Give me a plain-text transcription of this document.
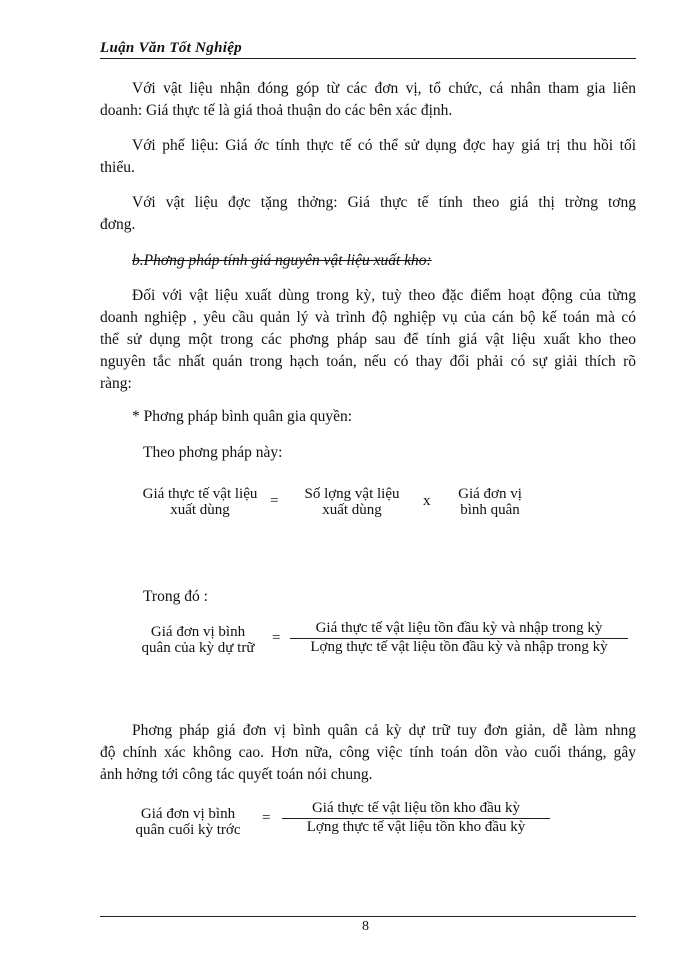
Luận Văn Tốt Nghiệp
Với vật liệu nhận đóng góp từ các đơn vị, tổ chức, cá nhân tham gia liên
doanh: Giá thực tế là giá thoả thuận do các bên xác định.
Với phế liệu: Giá ớc tính thực tế có thể sử dụng đợc hay giá trị thu hồi tối
thiểu.
Với vật liệu đợc tặng thởng: Giá thực tế tính theo giá thị trờng tơng
đơng.
b.Phơng pháp tính giá nguyên vật liệu xuất kho:
Đối với vật liệu xuất dùng trong kỳ, tuỳ theo đặc điểm hoạt động của từng
doanh nghiệp , yêu cầu quản lý và trình độ nghiệp vụ của cán bộ kế toán mà có
thể sử dụng một trong các phơng pháp sau để tính giá vật liệu xuất kho theo
nguyên tắc nhất quán trong hạch toán, nếu có thay đổi phải có sự giải thích rõ
ràng:
* Phơng pháp bình quân gia quyền:
Theo phơng pháp này:
Giá thực tế vật liệu
xuất dùng
=	Số lợng vật liệu
xuất dùng
x	Giá đơn vị
bình quân
Trong đó :
Giá đơn vị bình
quân của kỳ dự trữ
=
Giá thực tế vật liệu tồn đầu kỳ và nhập trong kỳ
Lợng thực tế vật liệu tồn đầu kỳ và nhập trong kỳ
Phơng pháp giá đơn vị bình quân cả kỳ dự trữ tuy đơn giản, dễ làm nhng
độ chính xác không cao. Hơn nữa, công việc tính toán dồn vào cuối tháng, gây
ảnh hởng tới công tác quyết toán nói chung.
Giá đơn vị bình
quân cuối kỳ trớc
=
Giá thực tế vật liệu tồn kho đầu kỳ
Lợng thực tế vật liệu tồn kho đầu kỳ
8
